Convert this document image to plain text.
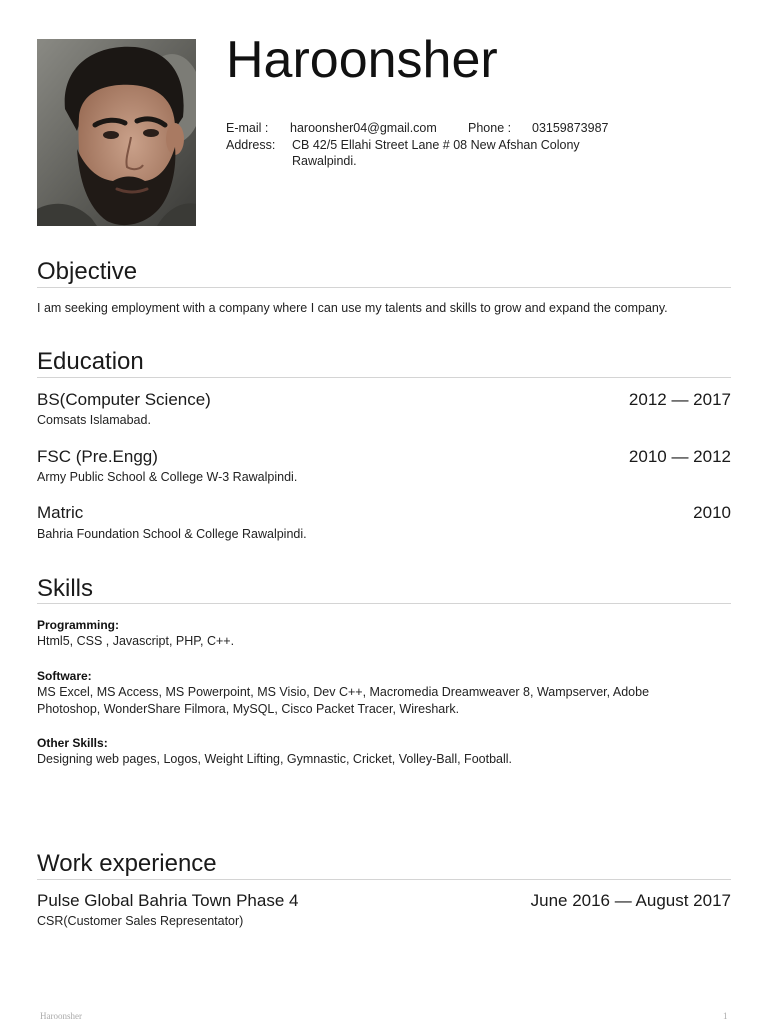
Haroonsher
E-mail : haroonsher04@gmail.com Phone : 03159873987
Address: CB 42/5 Ellahi Street Lane # 08 New Afshan Colony
Rawalpindi.
Objective
I am seeking employment with a company where I can use my talents and skills to grow and expand the company.
Education
BS(Computer Science)	2012 — 2017
Comsats Islamabad.
FSC (Pre.Engg)	2010 — 2012
Army Public School & College W-3 Rawalpindi.
Matric	2010
Bahria Foundation School & College Rawalpindi.
Skills
Programming:
Html5, CSS , Javascript, PHP, C++.
Software:
MS Excel, MS Access, MS Powerpoint, MS Visio, Dev C++, Macromedia Dreamweaver 8, Wampserver, Adobe Photoshop, WonderShare Filmora, MySQL, Cisco Packet Tracer, Wireshark.
Other Skills:
Designing web pages, Logos, Weight Lifting, Gymnastic, Cricket, Volley-Ball, Football.
Work experience
Pulse Global Bahria Town Phase 4	June 2016 — August 2017
CSR(Customer Sales Representator)
Haroonsher	1
